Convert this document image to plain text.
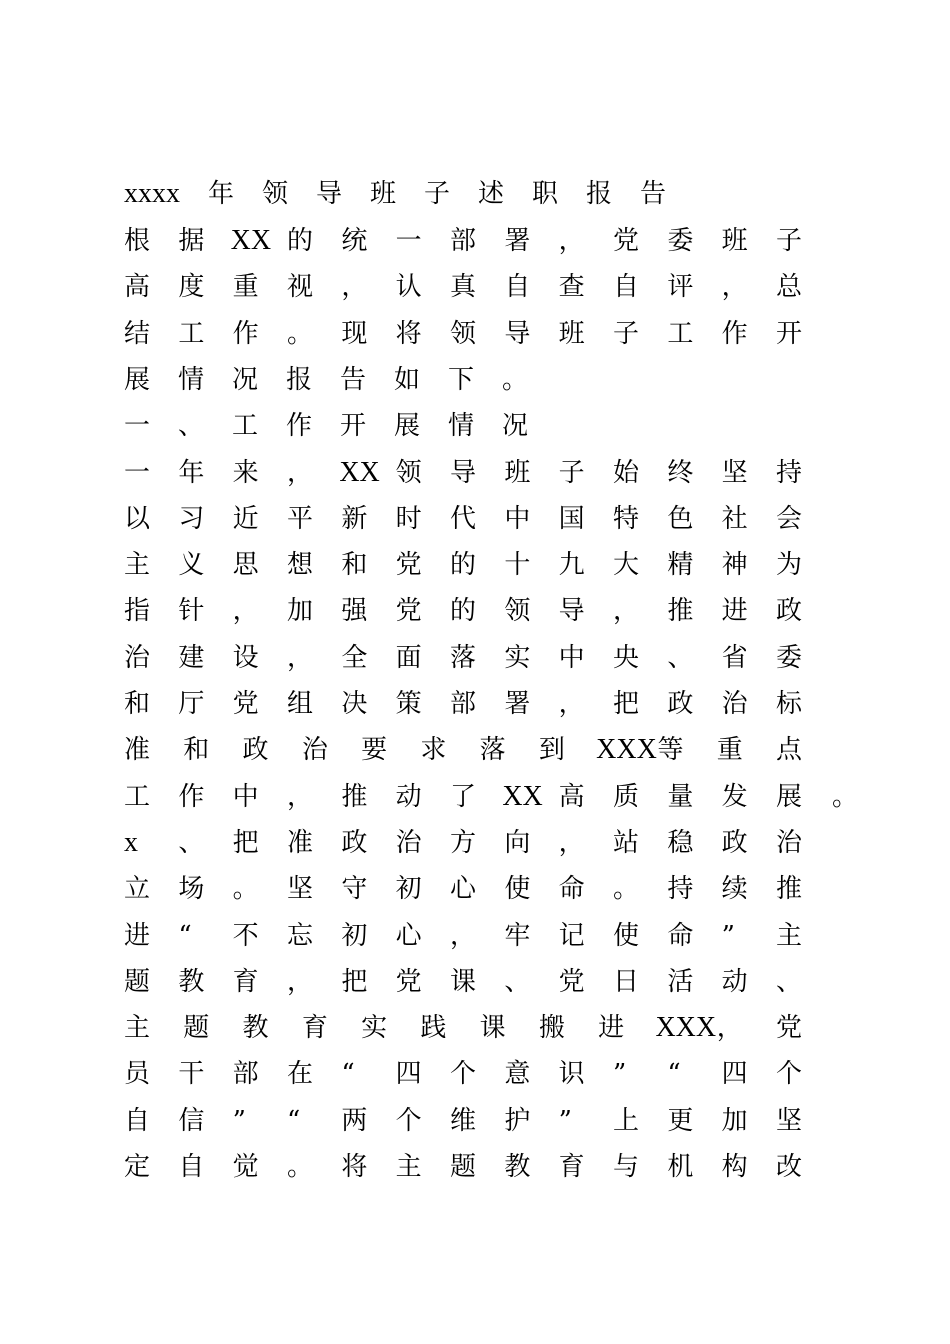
xxxx 年 领 导 班 子 述 职 报 告
根 据 XX 的 统 一 部 署 ， 党 委 班 子
高 度 重 视 ， 认 真 自 查 自 评 ， 总
结 工 作 。 现 将 领 导 班 子 工 作 开
展 情 况 报 告 如 下 。
一 、 工 作 开 展 情 况
一 年 来 ， XX 领 导 班 子 始 终 坚 持
以 习 近 平 新 时 代 中 国 特 色 社 会
主 义 思 想 和 党 的 十 九 大 精 神 为
指 针 ， 加 强 党 的 领 导 ， 推 进 政
治 建 设 ， 全 面 落 实 中 央 、 省 委
和 厅 党 组 决 策 部 署 ， 把 政 治 标
准 和 政 治 要 求 落 到 XXX 等 重 点
工 作 中 ， 推 动 了 XX 高 质 量 发 展 。
x 、 把 准 政 治 方 向 ， 站 稳 政 治
立 场 。 坚 守 初 心 使 命 。 持 续 推
进 “ 不 忘 初 心 ， 牢 记 使 命 ” 主
题 教 育 ， 把 党 课 、 党 日 活 动 、
主 题 教 育 实 践 课 搬 进 XXX ， 党
员 干 部 在 “ 四 个 意 识 ” “ 四 个
自 信 ” “ 两 个 维 护 ” 上 更 加 坚
定 自 觉 。 将 主 题 教 育 与 机 构 改
